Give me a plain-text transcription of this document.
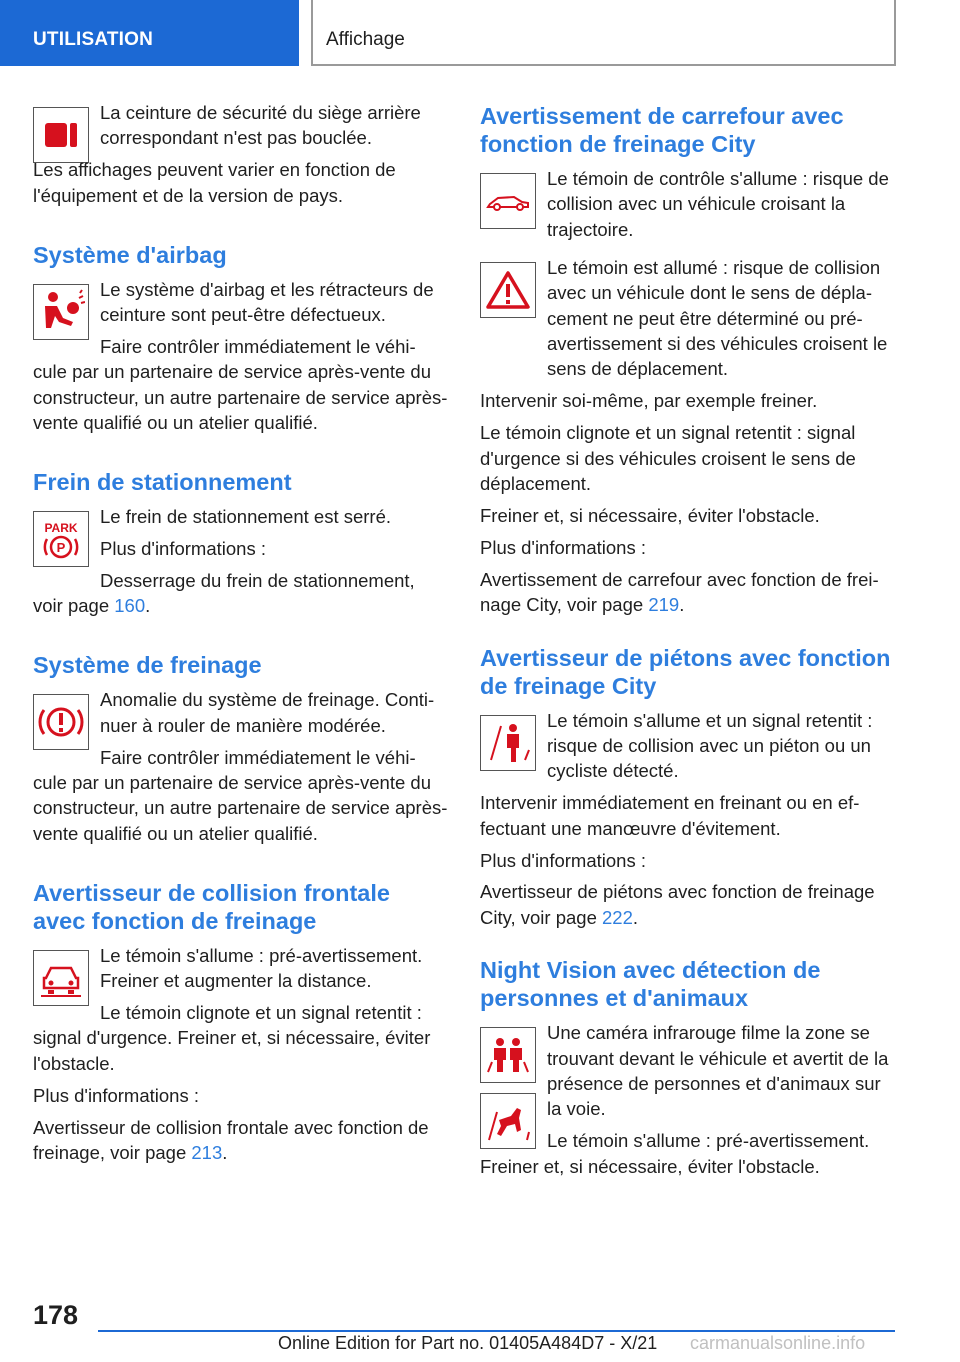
UTILISATION	Affichage

La ceinture de sécurité du siège arrière correspondant n'est pas bouclée.

Les affichages peuvent varier en fonction de l'équipement et de la version de pays.

Système d'airbag

Le système d'airbag et les rétracteurs de ceinture sont peut-être défectueux.

Faire contrôler immédiatement le véhi- cule par un partenaire de service après-vente du constructeur, un autre partenaire de service après-vente qualifié ou un atelier qualifié.

Frein de stationnement
PARK
P

Le frein de stationnement est serré.

Plus d'informations :

Desserrage du frein de stationnement, voir page 160.

Système de freinage

Anomalie du système de freinage. Conti- nuer à rouler de manière modérée.

Faire contrôler immédiatement le véhi- cule par un partenaire de service après-vente du constructeur, un autre partenaire de service après-vente qualifié ou un atelier qualifié.

Avertisseur de collision frontale avec fonction de freinage

Le témoin s'allume : pré-avertissement. Freiner et augmenter la distance.

Le témoin clignote et un signal retentit : signal d'urgence. Freiner et, si nécessaire, éviter l'obstacle.

Plus d'informations :

Avertisseur de collision frontale avec fonction de freinage, voir page 213.

Avertissement de carrefour avec fonction de freinage City

Le témoin de contrôle s'allume : risque de collision avec un véhicule croisant la trajectoire.

Le témoin est allumé : risque de collision avec un véhicule dont le sens de dépla- cement ne peut être déterminé ou pré- avertissement si des véhicules croisent le sens de déplacement.

Intervenir soi-même, par exemple freiner.

Le témoin clignote et un signal retentit : signal d'urgence si des véhicules croisent le sens de déplacement.

Freiner et, si nécessaire, éviter l'obstacle.

Plus d'informations :

Avertissement de carrefour avec fonction de frei- nage City, voir page 219.

Avertisseur de piétons avec fonction de freinage City

Le témoin s'allume et un signal retentit : risque de collision avec un piéton ou un cycliste détecté.

Intervenir immédiatement en freinant ou en ef- fectuant une manœuvre d'évitement.

Plus d'informations :

Avertisseur de piétons avec fonction de freinage City, voir page 222.

Night Vision avec détection de personnes et d'animaux

Une caméra infrarouge filme la zone se trouvant devant le véhicule et avertit de la présence de personnes et d'animaux sur la voie.

Le témoin s'allume : pré-avertissement. Freiner et, si nécessaire, éviter l'obstacle.

178
Online Edition for Part no. 01405A484D7 - X/21 carmanualsonline.info
